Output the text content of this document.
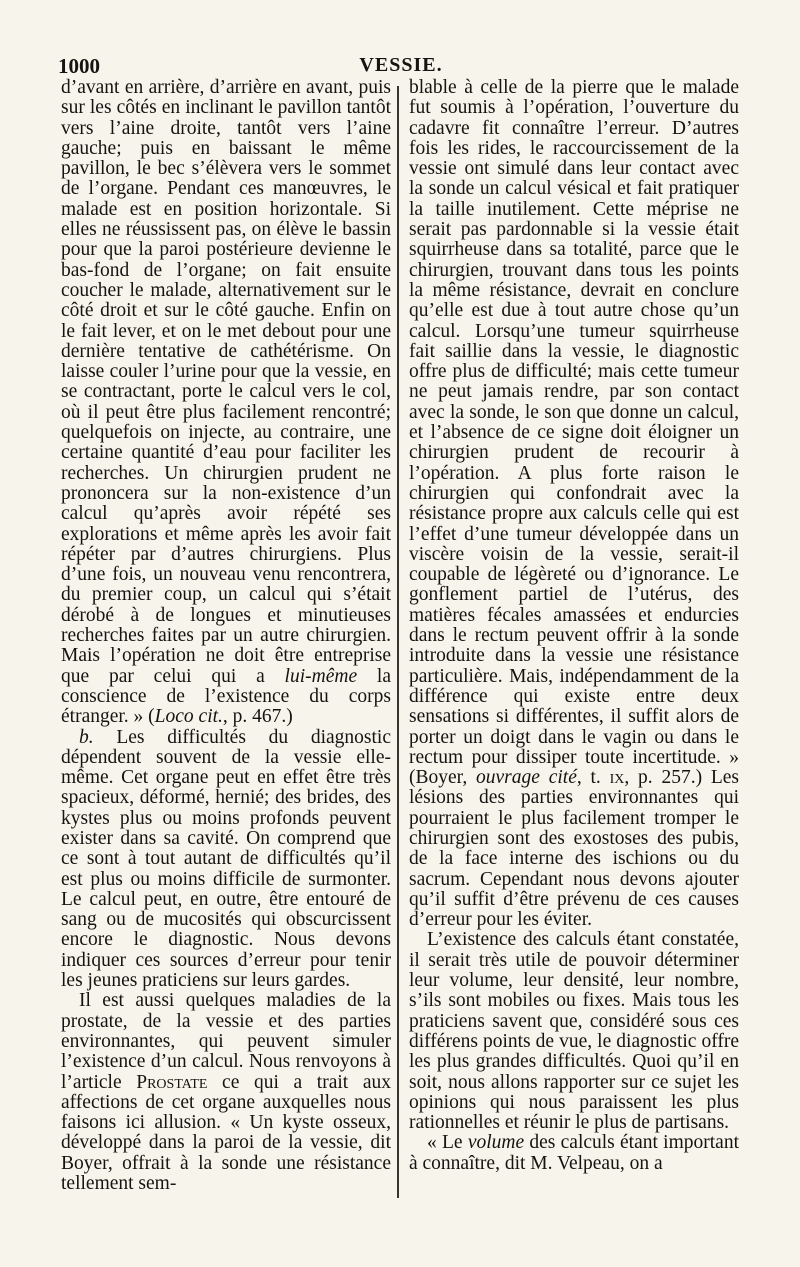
1000	VESSIE.

d’avant en arrière, d’arrière en avant, puis sur les côtés en inclinant le pavillon tantôt vers l’aine droite, tantôt vers l’aine gauche; puis en baissant le même pavillon, le bec s’élèvera vers le sommet de l’organe. Pendant ces manœuvres, le malade est en position horizontale. Si elles ne réussissent pas, on élève le bassin pour que la paroi postérieure devienne le bas-fond de l’organe; on fait ensuite coucher le malade, alternativement sur le côté droit et sur le côté gauche. Enfin on le fait lever, et on le met debout pour une dernière tentative de cathétérisme. On laisse couler l’urine pour que la vessie, en se contractant, porte le calcul vers le col, où il peut être plus facilement rencontré; quelquefois on injecte, au contraire, une certaine quantité d’eau pour faciliter les recherches. Un chirurgien prudent ne prononcera sur la non-existence d’un calcul qu’après avoir répété ses explorations et même après les avoir fait répéter par d’autres chirurgiens. Plus d’une fois, un nouveau venu rencontrera, du premier coup, un calcul qui s’était dérobé à de longues et minutieuses recherches faites par un autre chirurgien. Mais l’opération ne doit être entreprise que par celui qui a lui-même la conscience de l’existence du corps étranger. » (Loco cit., p. 467.)

b. Les difficultés du diagnostic dépendent souvent de la vessie elle-même. Cet organe peut en effet être très spacieux, déformé, hernié; des brides, des kystes plus ou moins profonds peuvent exister dans sa cavité. On comprend que ce sont à tout autant de difficultés qu’il est plus ou moins difficile de surmonter. Le calcul peut, en outre, être entouré de sang ou de mucosités qui obscurcissent encore le diagnostic. Nous devons indiquer ces sources d’erreur pour tenir les jeunes praticiens sur leurs gardes.

Il est aussi quelques maladies de la prostate, de la vessie et des parties environnantes, qui peuvent simuler l’existence d’un calcul. Nous renvoyons à l’article Prostate ce qui a trait aux affections de cet organe auxquelles nous faisons ici allusion. « Un kyste osseux, développé dans la paroi de la vessie, dit Boyer, offrait à la sonde une résistance tellement sem-

blable à celle de la pierre que le malade fut soumis à l’opération, l’ouverture du cadavre fit connaître l’erreur. D’autres fois les rides, le raccourcissement de la vessie ont simulé dans leur contact avec la sonde un calcul vésical et fait pratiquer la taille inutilement. Cette méprise ne serait pas pardonnable si la vessie était squirrheuse dans sa totalité, parce que le chirurgien, trouvant dans tous les points la même résistance, devrait en conclure qu’elle est due à tout autre chose qu’un calcul. Lorsqu’une tumeur squirrheuse fait saillie dans la vessie, le diagnostic offre plus de difficulté; mais cette tumeur ne peut jamais rendre, par son contact avec la sonde, le son que donne un calcul, et l’absence de ce signe doit éloigner un chirurgien prudent de recourir à l’opération. A plus forte raison le chirurgien qui confondrait avec la résistance propre aux calculs celle qui est l’effet d’une tumeur développée dans un viscère voisin de la vessie, serait-il coupable de légèreté ou d’ignorance. Le gonflement partiel de l’utérus, des matières fécales amassées et endurcies dans le rectum peuvent offrir à la sonde introduite dans la vessie une résistance particulière. Mais, indépendamment de la différence qui existe entre deux sensations si différentes, il suffit alors de porter un doigt dans le vagin ou dans le rectum pour dissiper toute incertitude. » (Boyer, ouvrage cité, t. ix, p. 257.) Les lésions des parties environnantes qui pourraient le plus facilement tromper le chirurgien sont des exostoses des pubis, de la face interne des ischions ou du sacrum. Cependant nous devons ajouter qu’il suffit d’être prévenu de ces causes d’erreur pour les éviter.

L’existence des calculs étant constatée, il serait très utile de pouvoir déterminer leur volume, leur densité, leur nombre, s’ils sont mobiles ou fixes. Mais tous les praticiens savent que, considéré sous ces différens points de vue, le diagnostic offre les plus grandes difficultés. Quoi qu’il en soit, nous allons rapporter sur ce sujet les opinions qui nous paraissent les plus rationnelles et réunir le plus de partisans.

« Le volume des calculs étant important à connaître, dit M. Velpeau, on a
